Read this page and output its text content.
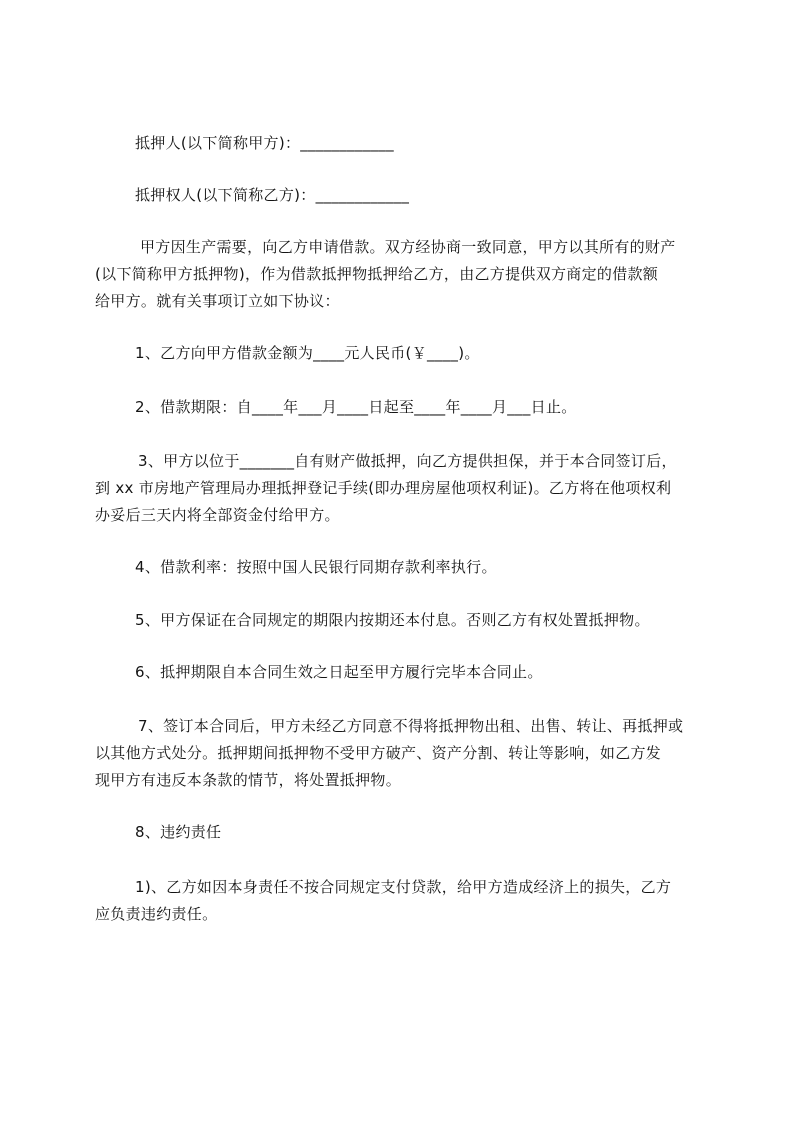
抵押人(以下简称甲方)：____________
抵押权人(以下简称乙方)：____________
甲方因生产需要，向乙方申请借款。双方经协商一致同意，甲方以其所有的财产
(以下简称甲方抵押物)，作为借款抵押物抵押给乙方，由乙方提供双方商定的借款额
给甲方。就有关事项订立如下协议：
1、乙方向甲方借款金额为____元人民币(￥____)。
2、借款期限：自____年___月____日起至____年____月___日止。
3、甲方以位于_______自有财产做抵押，向乙方提供担保，并于本合同签订后，
到 xx 市房地产管理局办理抵押登记手续(即办理房屋他项权利证)。乙方将在他项权利
办妥后三天内将全部资金付给甲方。
4、借款利率：按照中国人民银行同期存款利率执行。
5、甲方保证在合同规定的期限内按期还本付息。否则乙方有权处置抵押物。
6、抵押期限自本合同生效之日起至甲方履行完毕本合同止。
7、签订本合同后，甲方未经乙方同意不得将抵押物出租、出售、转让、再抵押或
以其他方式处分。抵押期间抵押物不受甲方破产、资产分割、转让等影响，如乙方发
现甲方有违反本条款的情节，将处置抵押物。
8、违约责任
1)、乙方如因本身责任不按合同规定支付贷款，给甲方造成经济上的损失，乙方
应负责违约责任。
